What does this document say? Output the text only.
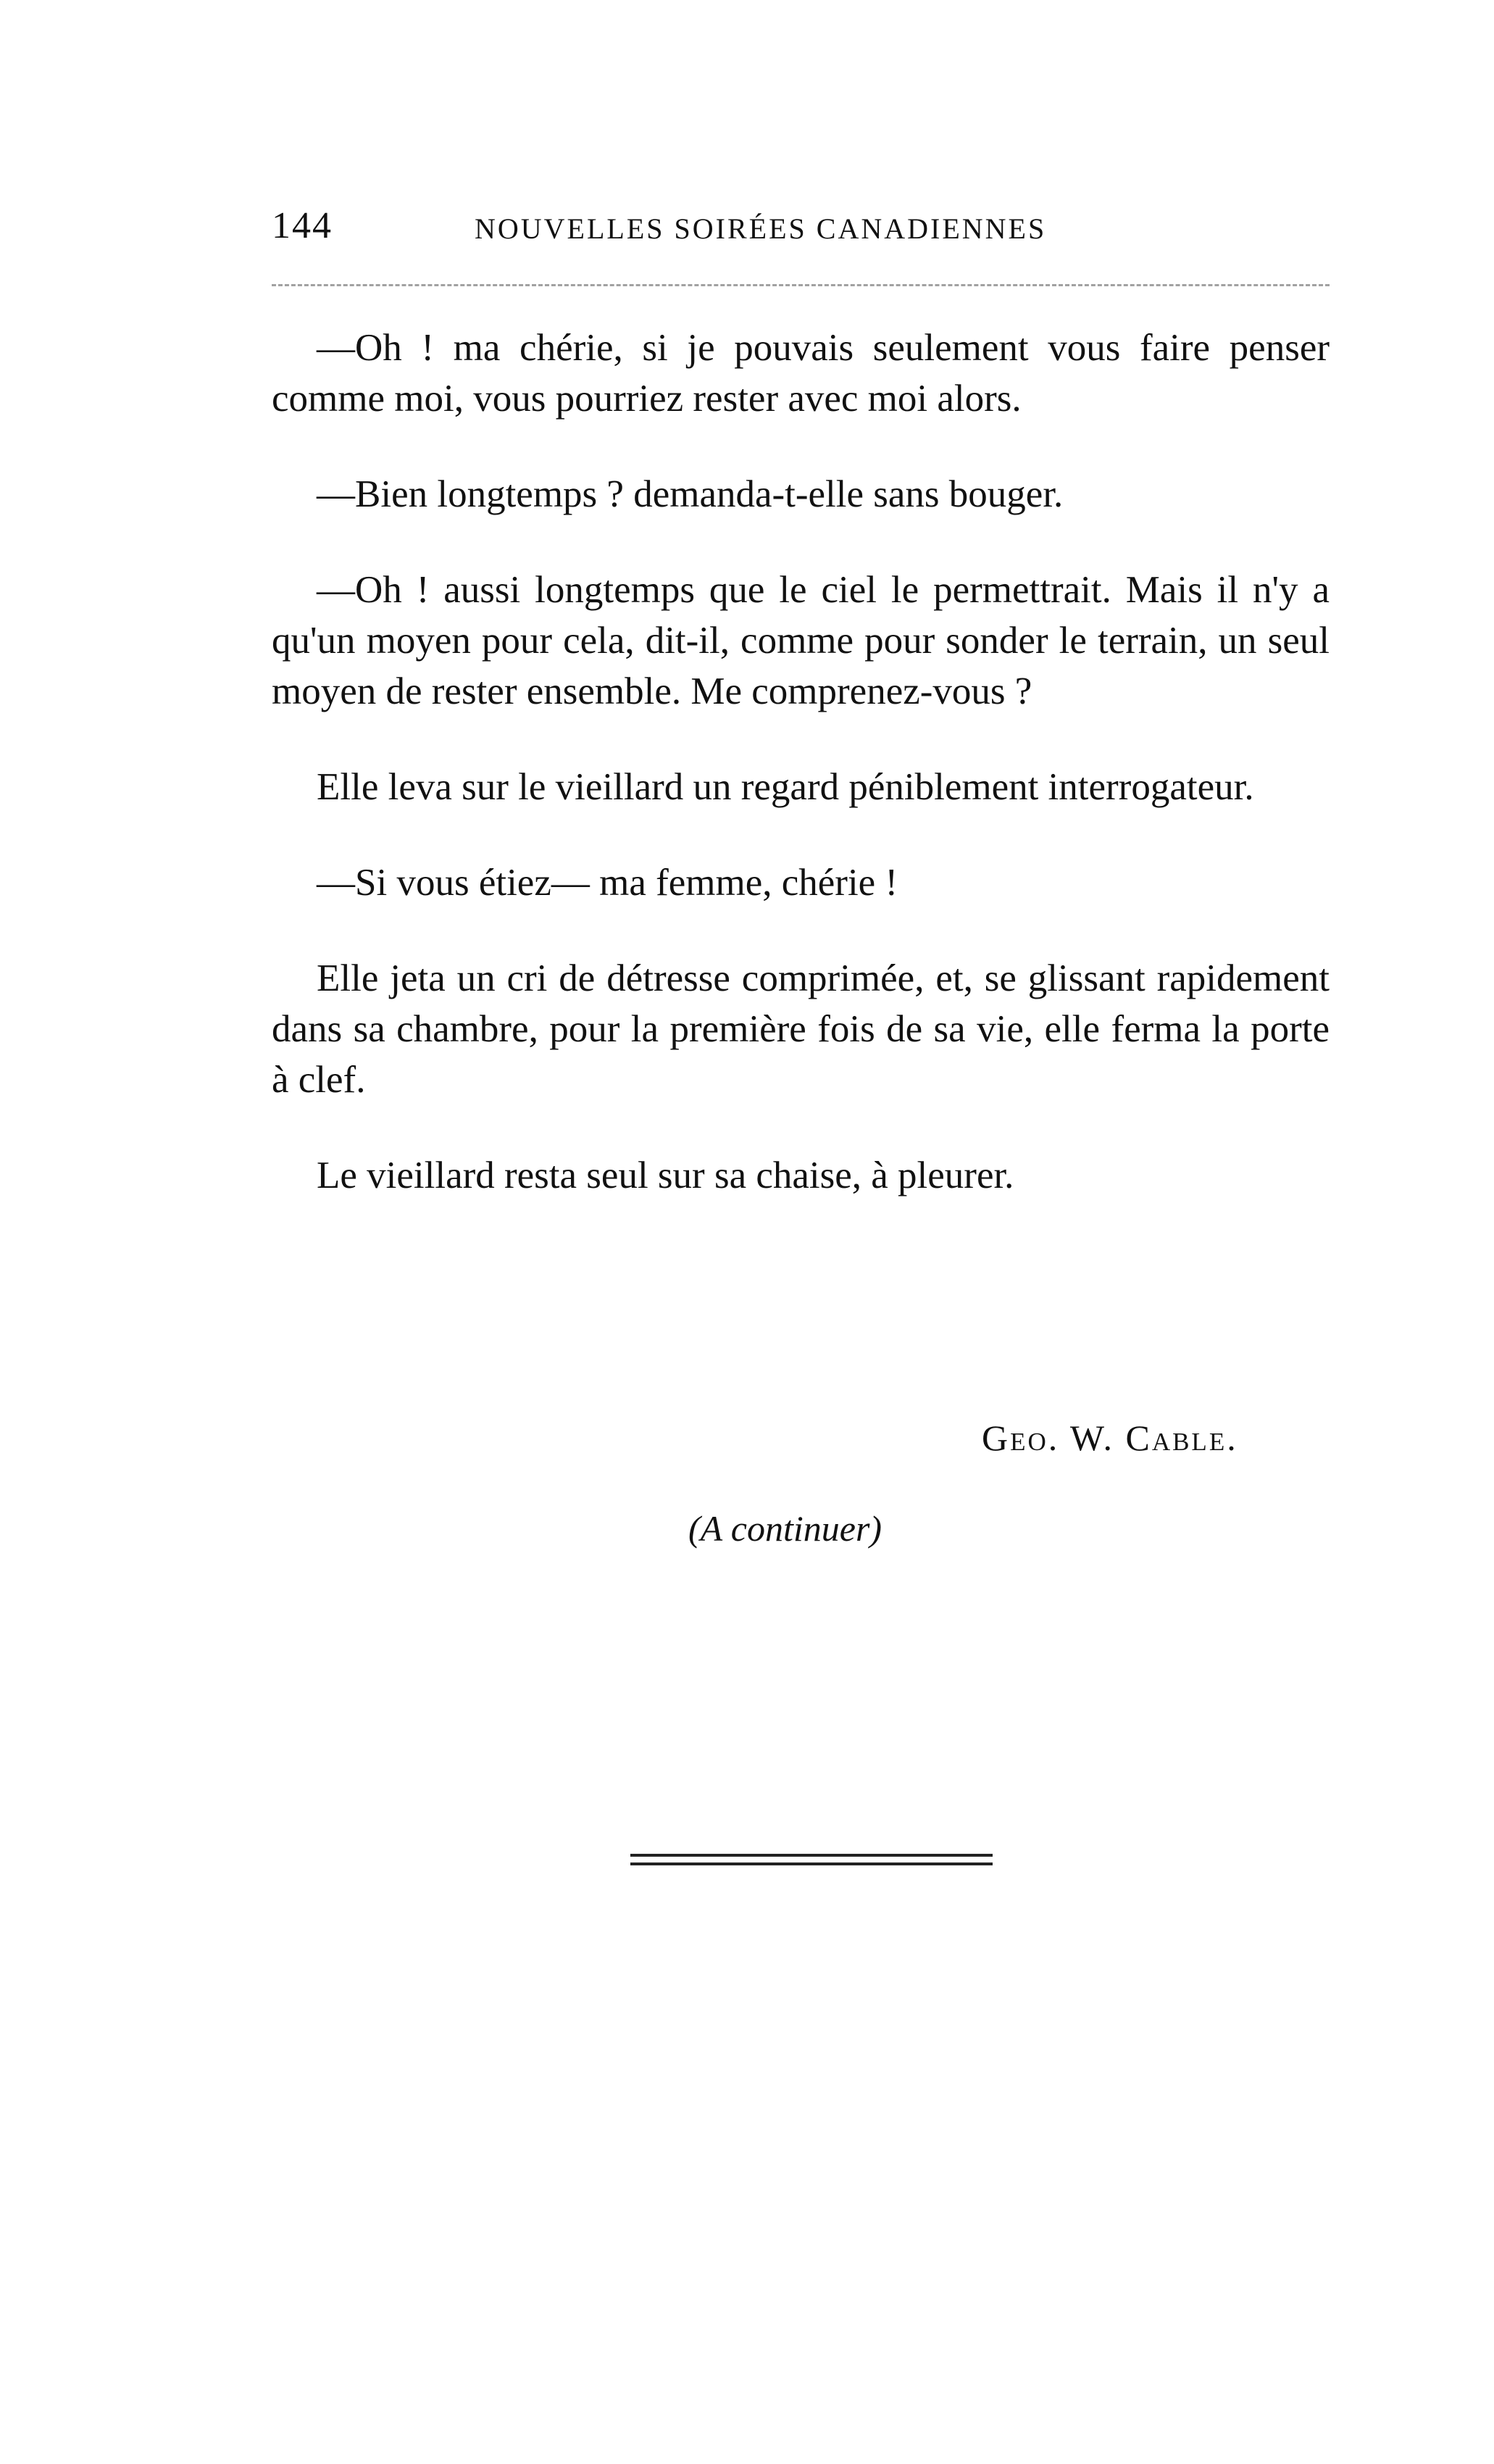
144	NOUVELLES SOIRÉES CANADIENNES

—Oh ! ma chérie, si je pouvais seulement vous faire penser comme moi, vous pourriez rester avec moi alors.

—Bien longtemps ? demanda-t-elle sans bouger.

—Oh ! aussi longtemps que le ciel le permettrait. Mais il n'y a qu'un moyen pour cela, dit-il, comme pour sonder le terrain, un seul moyen de rester ensemble. Me comprenez-vous ?

Elle leva sur le vieillard un regard péniblement interrogateur.

—Si vous étiez— ma femme, chérie !

Elle jeta un cri de détresse comprimée, et, se glissant rapidement dans sa chambre, pour la première fois de sa vie, elle ferma la porte à clef.

Le vieillard resta seul sur sa chaise, à pleurer.

Geo. W. Cable.
(A continuer)
